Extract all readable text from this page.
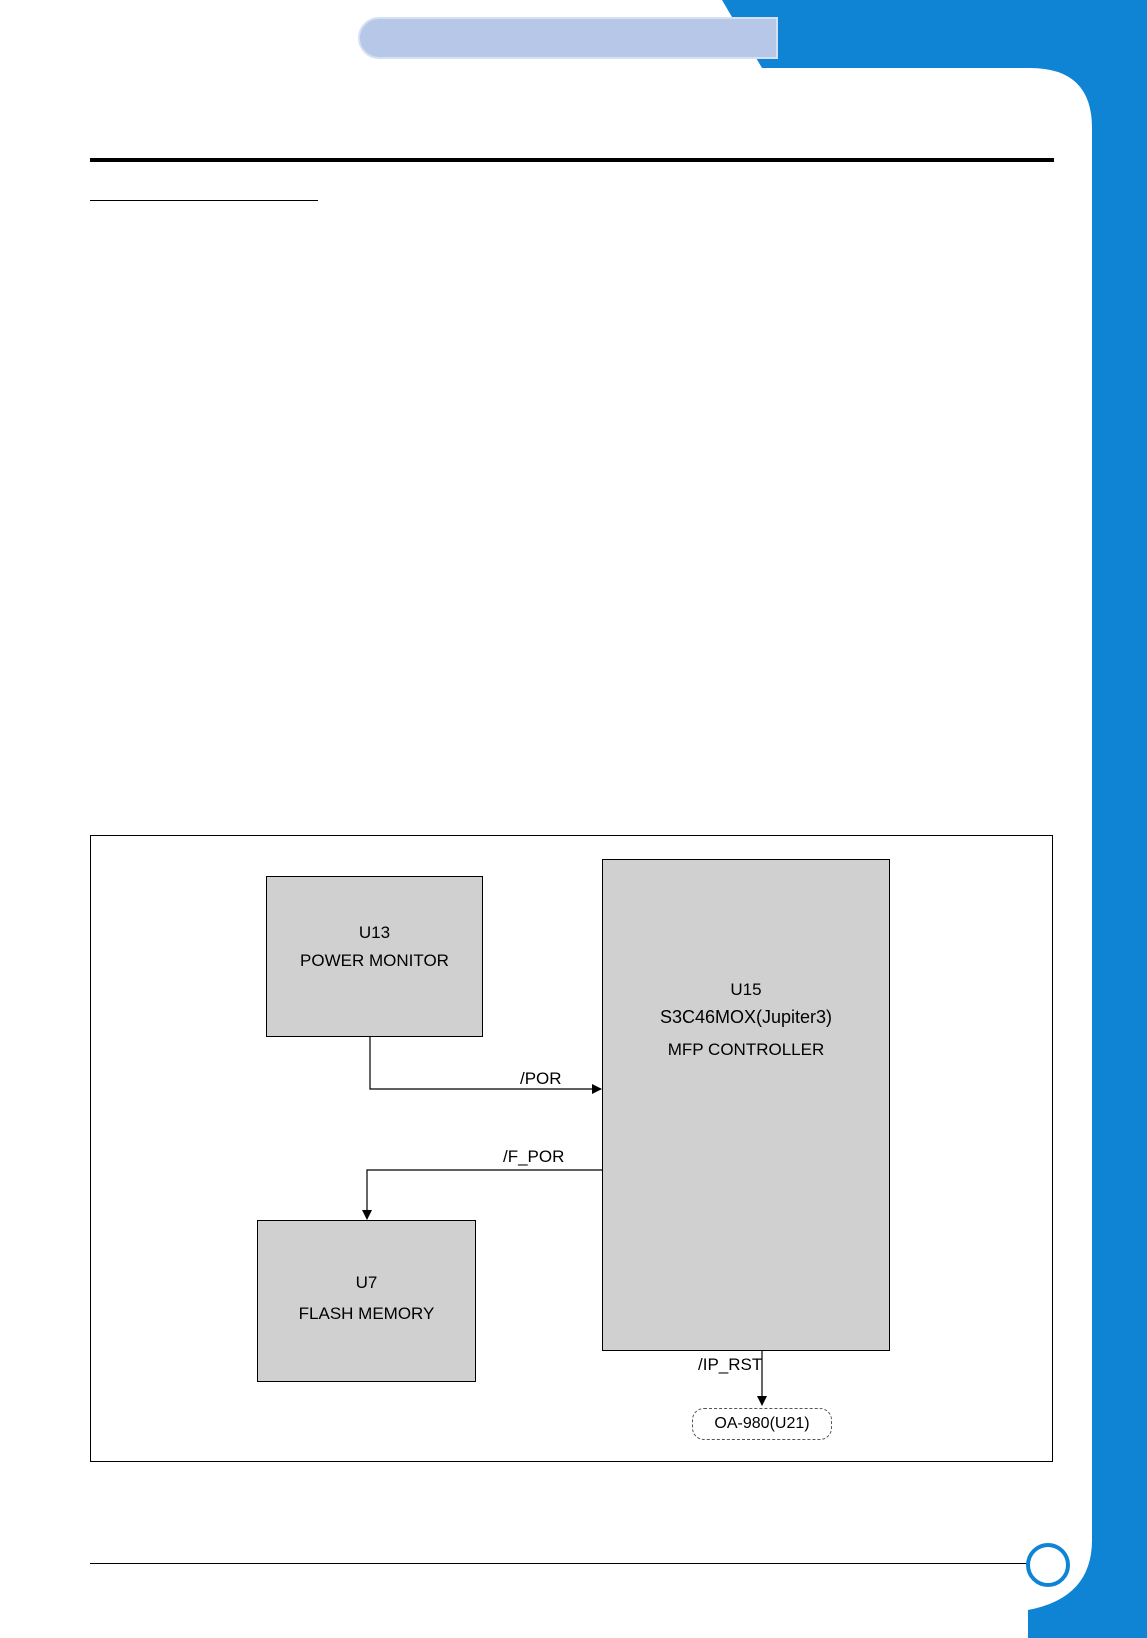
U13
POWER MONITOR
U15
S3C46MOX(Jupiter3)
MFP CONTROLLER
U7
FLASH MEMORY
/POR
/F_POR
/IP_RST
OA-980(U21)
